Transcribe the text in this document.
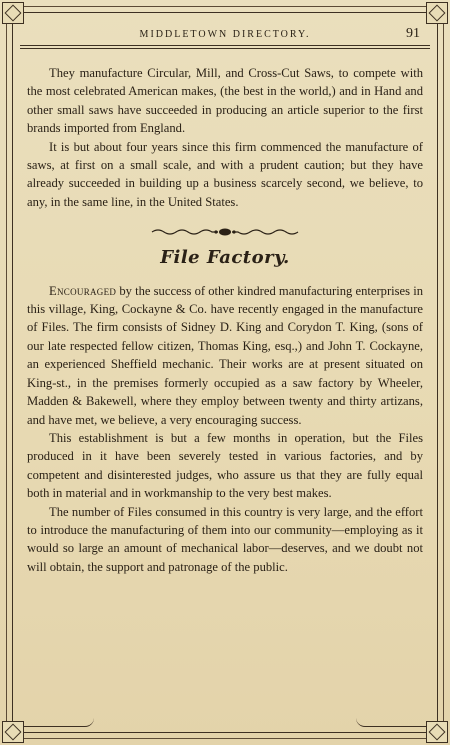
MIDDLETOWN DIRECTORY.	91

They manufacture Circular, Mill, and Cross-Cut Saws, to compete with the most celebrated American makes, (the best in the world,) and in Hand and other small saws have succeeded in producing an article superior to the first brands imported from England.

It is but about four years since this firm commenced the manufacture of saws, at first on a small scale, and with a prudent caution; but they have already succeeded in building up a business scarcely second, we believe, to any, in the same line, in the United States.

File Factory.

Encouraged by the success of other kindred manufacturing enterprises in this village, King, Cockayne & Co. have recently engaged in the manufacture of Files. The firm consists of Sidney D. King and Corydon T. King, (sons of our late respected fellow citizen, Thomas King, esq.,) and John T. Cockayne, an experienced Sheffield mechanic. Their works are at present situated on King-st., in the premises formerly occupied as a saw factory by Wheeler, Madden & Bakewell, where they employ between twenty and thirty artizans, and have met, we believe, a very encouraging success.

This establishment is but a few months in operation, but the Files produced in it have been severely tested in various factories, and by competent and disinterested judges, who assure us that they are fully equal both in material and in workmanship to the very best makes.

The number of Files consumed in this country is very large, and the effort to introduce the manufacturing of them into our community—employing as it would so large an amount of mechanical labor—deserves, and we doubt not will obtain, the support and patronage of the public.
